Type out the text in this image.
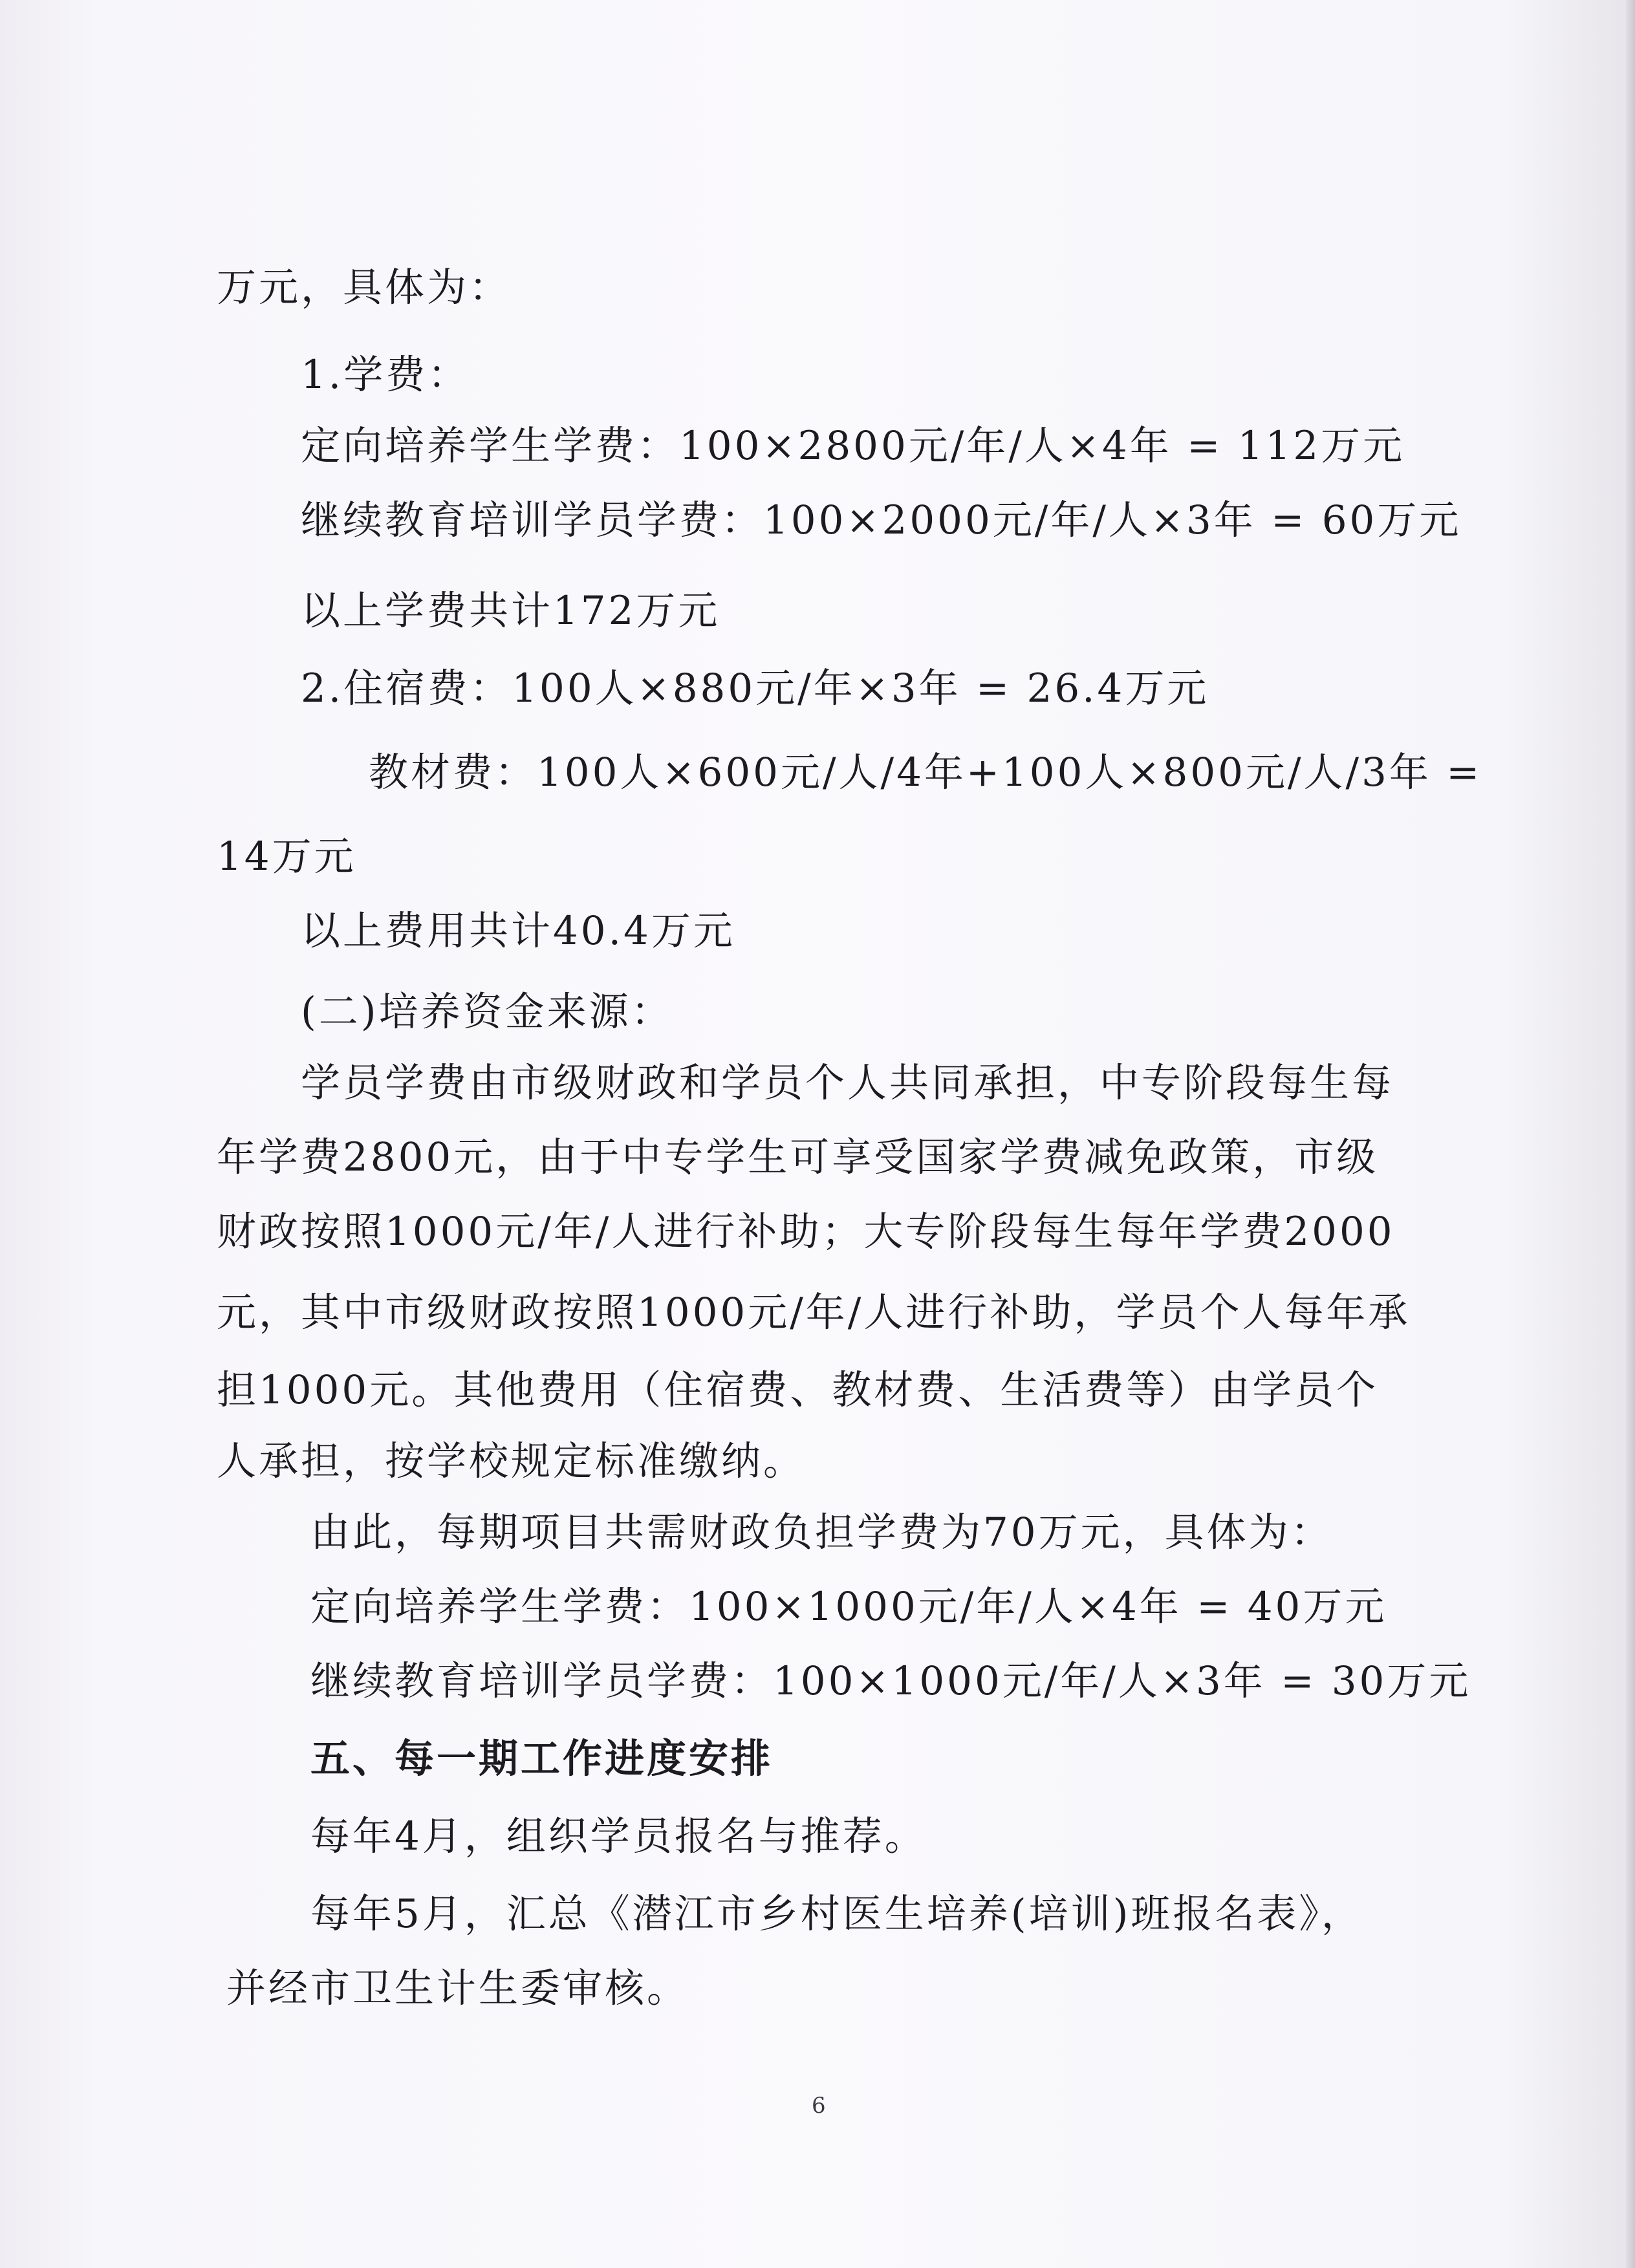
万元，具体为：
1.学费：
定向培养学生学费：100×2800元/年/人×4年 = 112万元
继续教育培训学员学费：100×2000元/年/人×3年 = 60万元
以上学费共计172万元
2.住宿费：100人×880元/年×3年 = 26.4万元
教材费：100人×600元/人/4年+100人×800元/人/3年 =
14万元
以上费用共计40.4万元
(二)培养资金来源：
学员学费由市级财政和学员个人共同承担，中专阶段每生每
年学费2800元，由于中专学生可享受国家学费减免政策，市级
财政按照1000元/年/人进行补助；大专阶段每生每年学费2000
元，其中市级财政按照1000元/年/人进行补助，学员个人每年承
担1000元。其他费用（住宿费、教材费、生活费等）由学员个
人承担，按学校规定标准缴纳。
由此，每期项目共需财政负担学费为70万元，具体为：
定向培养学生学费：100×1000元/年/人×4年 = 40万元
继续教育培训学员学费：100×1000元/年/人×3年 = 30万元
五、每一期工作进度安排
每年4月，组织学员报名与推荐。
每年5月，汇总《潜江市乡村医生培养(培训)班报名表》，
并经市卫生计生委审核。
6
